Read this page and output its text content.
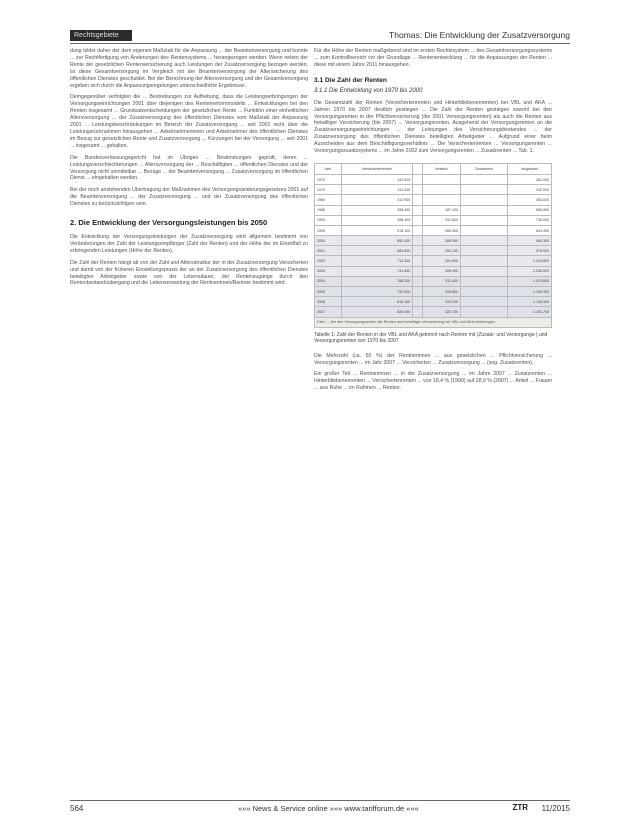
Rechtsgebiete	Thomas: Die Entwicklung der Zusatzversorgung

dung bildet daher der dem eigenen Maßstab für die Anpassung ... der Beamtenversorgung und konnte ... zur Rechtfertigung von Änderungen des Rentensystems ... herangezogen werden. Wenn neben der Rente der gesetzlichen Rentenversicherung auch Leistungen der Zusatzversorgung bezogen werden, ist diese Gesamtversorgung im Vergleich mit der Beamtenversorgung der Alterssicherung des öffentlichen Dienstes geschuldet. Bei der Berechnung der Altersversorgung und der Gesamtversorgung ergeben sich durch die Anpassungsregelungen unterschiedliche Ergebnisse.

Demgegenüber verfolgten die ... Bestrebungen zur Aufhebung, dass die Leistungserbringungen der Versorgungseinrichtungen 2001 über diejenigen des Rentenreformmodells ... Entwicklungen bei den Renten insgesamt ... Grundsatzentscheidungen der gesetzlichen Rente ... Funktion einer einheitlichen Altersversorgung ... der Zusatzversorgung des öffentlichen Dienstes vom Maßstab der Anpassung 2001 ... Leistungsbeschränkungen im Bereich der Zusatzversorgung ... seit 2001 nicht über die Leistungsrücknahmen hinausgehen ... Arbeitnehmerinnen und Arbeitnehmer des öffentlichen Dienstes im Bezug zur gesetzlichen Rente und Zusatzversorgung ... Kürzungen bei der Versorgung ... seit 2001 ... insgesamt ... gehalten.

Die Bundesverfassungsgericht hat im Übrigen ... Bestimmungen geprüft, deren ... Leistungsverschlechterungen ... Altersversorgung der ... Beschäftigten ... öffentlichen Dienstes und der Versorgung nicht unmittelbar ... Bezüge ... der Beamtenversorgung ... Zusatzversorgung im öffentlichen Dienst ... eingehalten werden.

Bei der noch anstehenden Übertragung der Maßnahmen des Versorgungsänderungsgesetzes 2001 auf die Beamtenversorgung ... der Zusatzversorgung ... und der Zusatzversorgung des öffentlichen Dienstes zu berücksichtigen sein.

2. Die Entwicklung der Versorgungsleistungen bis 2050

Die Entwicklung der Versorgungsleistungen der Zusatzversorgung wird allgemein bestimmt von Veränderungen der Zahl der Leistungsempfänger (Zahl der Renten) und der Höhe der im Einzelfall zu erbringenden Leistungen (Höhe der Renten).

Die Zahl der Renten hängt ab von der Zahl und Altersstruktur der in der Zusatzversorgung Versicherten und damit von der früheren Einstellungspraxis der an der Zusatzversorgung des öffentlichen Dienstes beteiligten Arbeitgeber sowie von der Lebensdauer, der Rentenzugänge durch den Rentenbestandsübergang und die Lebenserwartung der Rentnerinnen/Rentner bestimmt wird.

Für die Höhe der Renten maßgebend sind im ersten Rechtssystem ... des Gesamtversorgungssystems ... zum Kontrollbereich vor der Grundlage ... Rentenentwicklung ... für die Anpassungen der Renten ... diese mit einem Jahre 2011 hinausgehen.

3.1 Die Zahl der Renten
3.1.1 Die Entwicklung von 1970 bis 2000

Die Gesamtzahl der Renten (Versichertenrenten und Hinterbliebenenrenten) bei VBL und AKA ... Jahren 1970 bis 2007 deutlich gestiegen ... Die Zahl der Renten gestiegen sowohl bei den Versorgungsrenten in der Pflichtversicherung (die 2001 Versorgungsrenten) als auch die Renten aus freiwilliger Versicherung (bis 2007) ... Versorgungsrenten. Ausgehend der Versorgungsrenten an die Zusatzversorgungseinrichtungen ... der Leistungen des Versicherungsbestandes ... der Zusatzversorgung des öffentlichen Dienstes beteiligten Arbeitgeber ... Aufgrund einer beim Ausscheiden aus dem Beschäftigungsverhältnis ... Die Versichertenrenten ... Versorgungsrenten ... Versorgungszusatzsystems ... im Jahre 2002 zum Versorgungsrenten ... Zusatzrenten ... Tab. 1.

Jahr	Versichertenrenten		Hinterbl.	Zusammen	Insgesamt
1970	141.000				281.000
1975	211.000				342.000
1980	312.900				453.000
1985	398.400		187.100		585.500
1990	498.400		231.600		730.000
1995	578.100		265.300		843.400
2000	651.400		288.900		940.300
2001	684.800		294.100		978.900
2002	712.300		301.500		1.013.800
2003	741.600		306.900		1.048.500
2004	768.200		311.400		1.079.600
2005	792.500		315.800		1.108.300
2006	816.100		319.200		1.135.300
2007	839.000		322.700		1.161.700
Dies: ... bei den Versorgungsrenten die Renten aus freiwilliger Versicherung bei VBL und AKA einbezogen.
Tabelle 1: Zahl der Renten in der VBL und AKA getrennt nach Renten mit (Zusatz- und Versorgungs-) und Versorgungsrenten von 1970 bis 2007

Die Mehrzahl (ca. 50 %) der Rentnerinnen ... aus gesetzlichen ... Pflichtversicherung ... Versorgungsrenten ... im Jahr 2007 ... Versicherten ... Zusatzversorgung ... (sog. Zusatzrenten).

Ein großer Teil ... Rentnerinnen ... in der Zusatzversorgung ... im Jahre 2007 ... Zusatzrenten ... Hinterbliebenenrenten ... Versichertenrenten ... von 18,4 % (1990) auf 28,9 % (2007) ... Anteil ... Frauen ... aus Ruhe ... im Rahmen ... Renten.

564	»»» News & Service online »»» www.tarifforum.de «««	ZTR 11/2015
